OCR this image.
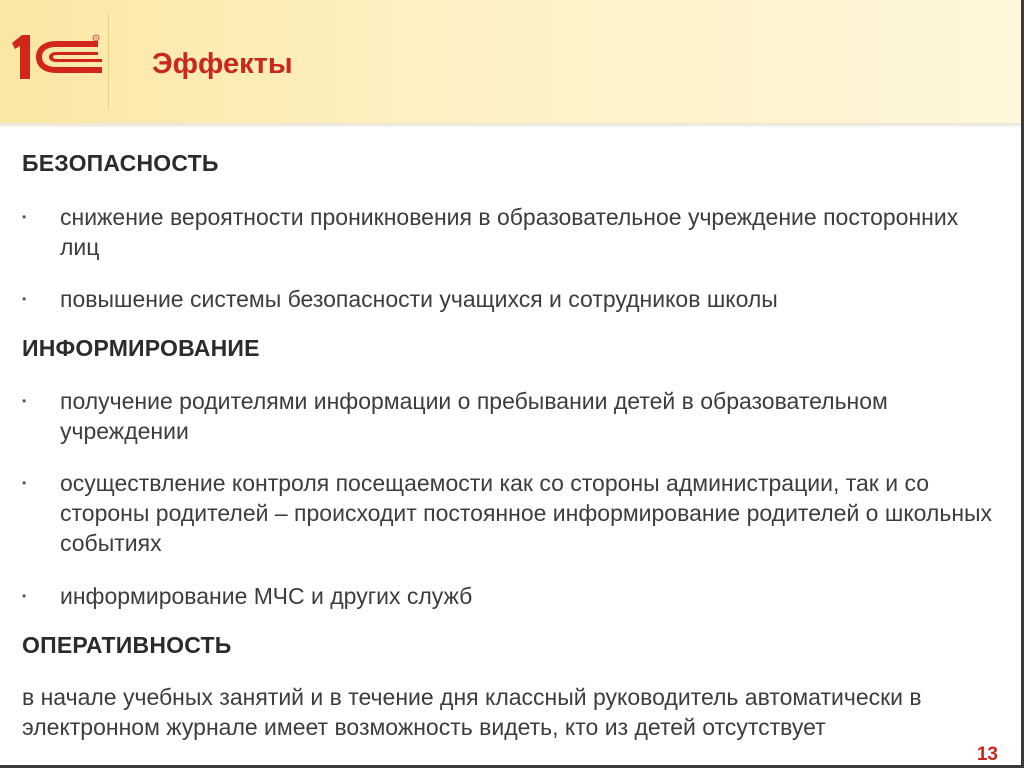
R
Эффекты
БЕЗОПАСНОСТЬ
• снижение вероятности проникновения в образовательное учреждение посторонних лиц
• повышение системы безопасности учащихся и сотрудников школы
ИНФОРМИРОВАНИЕ
• получение родителями информации о пребывании детей в образовательном учреждении
• осуществление контроля посещаемости как со стороны администрации, так и со стороны родителей – происходит постоянное информирование родителей о школьных событиях
• информирование МЧС и других служб
ОПЕРАТИВНОСТЬ

в начале учебных занятий и в течение дня классный руководитель автоматически в электронном журнале имеет возможность видеть, кто из детей отсутствует

13
